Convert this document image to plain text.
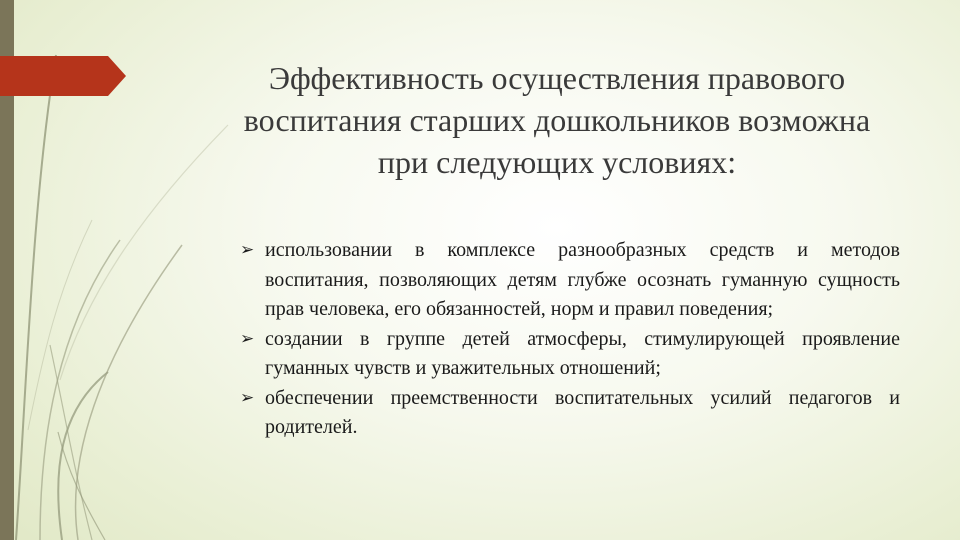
Эффективность осуществления правового воспитания старших дошкольников возможна при следующих условиях:
➢ использовании в комплексе разнообразных средств и методов воспитания, позволяющих детям глубже осознать гуманную сущность прав человека, его обязанностей, норм и правил поведения;
➢ создании в группе детей атмосферы, стимулирующей проявление гуманных чувств и уважительных отношений;
➢ обеспечении преемственности воспитательных усилий педагогов и родителей.
